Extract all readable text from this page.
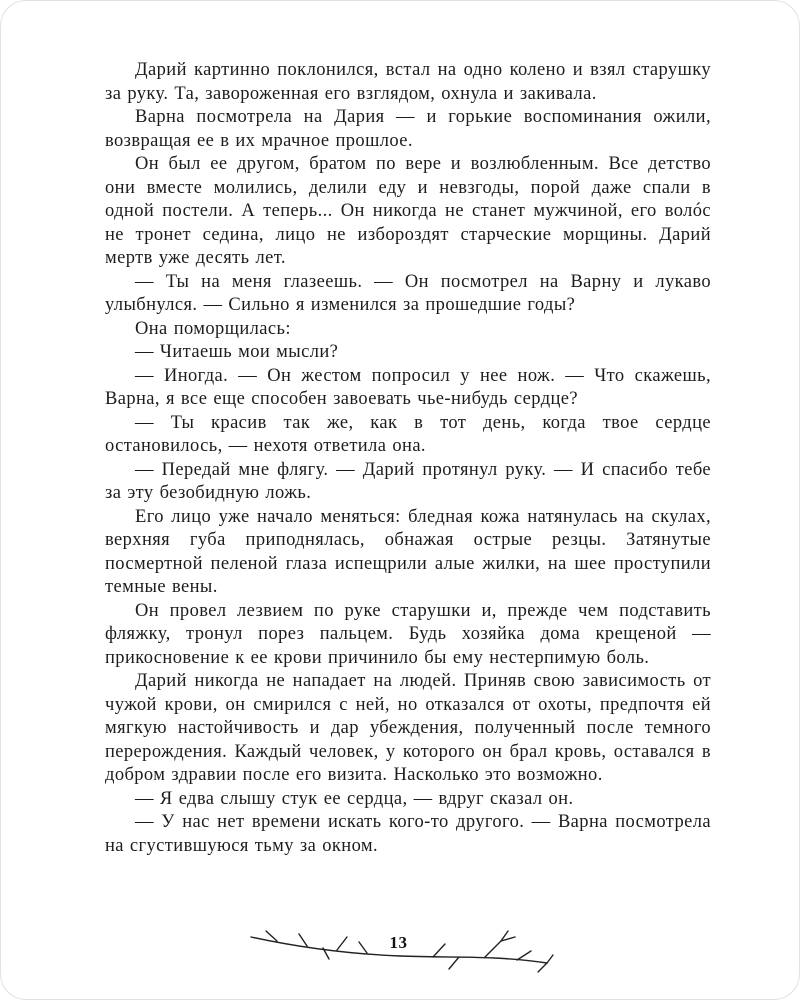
Дарий картинно поклонился, встал на одно колено и взял старушку за руку. Та, завороженная его взглядом, охнула и закивала.

Варна посмотрела на Дария — и горькие воспоминания ожили, возвращая ее в их мрачное прошлое.

Он был ее другом, братом по вере и возлюбленным. Все детство они вместе молились, делили еду и невзгоды, порой даже спали в одной постели. А теперь... Он никогда не станет мужчиной, его волóс не тронет седина, лицо не избороздят старческие морщины. Дарий мертв уже десять лет.

— Ты на меня глазеешь. — Он посмотрел на Варну и лукаво улыбнулся. — Сильно я изменился за прошедшие годы?

Она поморщилась:

— Читаешь мои мысли?

— Иногда. — Он жестом попросил у нее нож. — Что скажешь, Варна, я все еще способен завоевать чье-нибудь сердце?

— Ты красив так же, как в тот день, когда твое сердце остановилось, — нехотя ответила она.

— Передай мне флягу. — Дарий протянул руку. — И спасибо тебе за эту безобидную ложь.

Его лицо уже начало меняться: бледная кожа натянулась на скулах, верхняя губа приподнялась, обнажая острые резцы. Затянутые посмертной пеленой глаза испещрили алые жилки, на шее проступили темные вены.

Он провел лезвием по руке старушки и, прежде чем подставить фляжку, тронул порез пальцем. Будь хозяйка дома крещеной — прикосновение к ее крови причинило бы ему нестерпимую боль.

Дарий никогда не нападает на людей. Приняв свою зависимость от чужой крови, он смирился с ней, но отказался от охоты, предпочтя ей мягкую настойчивость и дар убеждения, полученный после темного перерождения. Каждый человек, у которого он брал кровь, оставался в добром здравии после его визита. Насколько это возможно.

— Я едва слышу стук ее сердца, — вдруг сказал он.

— У нас нет времени искать кого-то другого. — Варна посмотрела на сгустившуюся тьму за окном.

13
